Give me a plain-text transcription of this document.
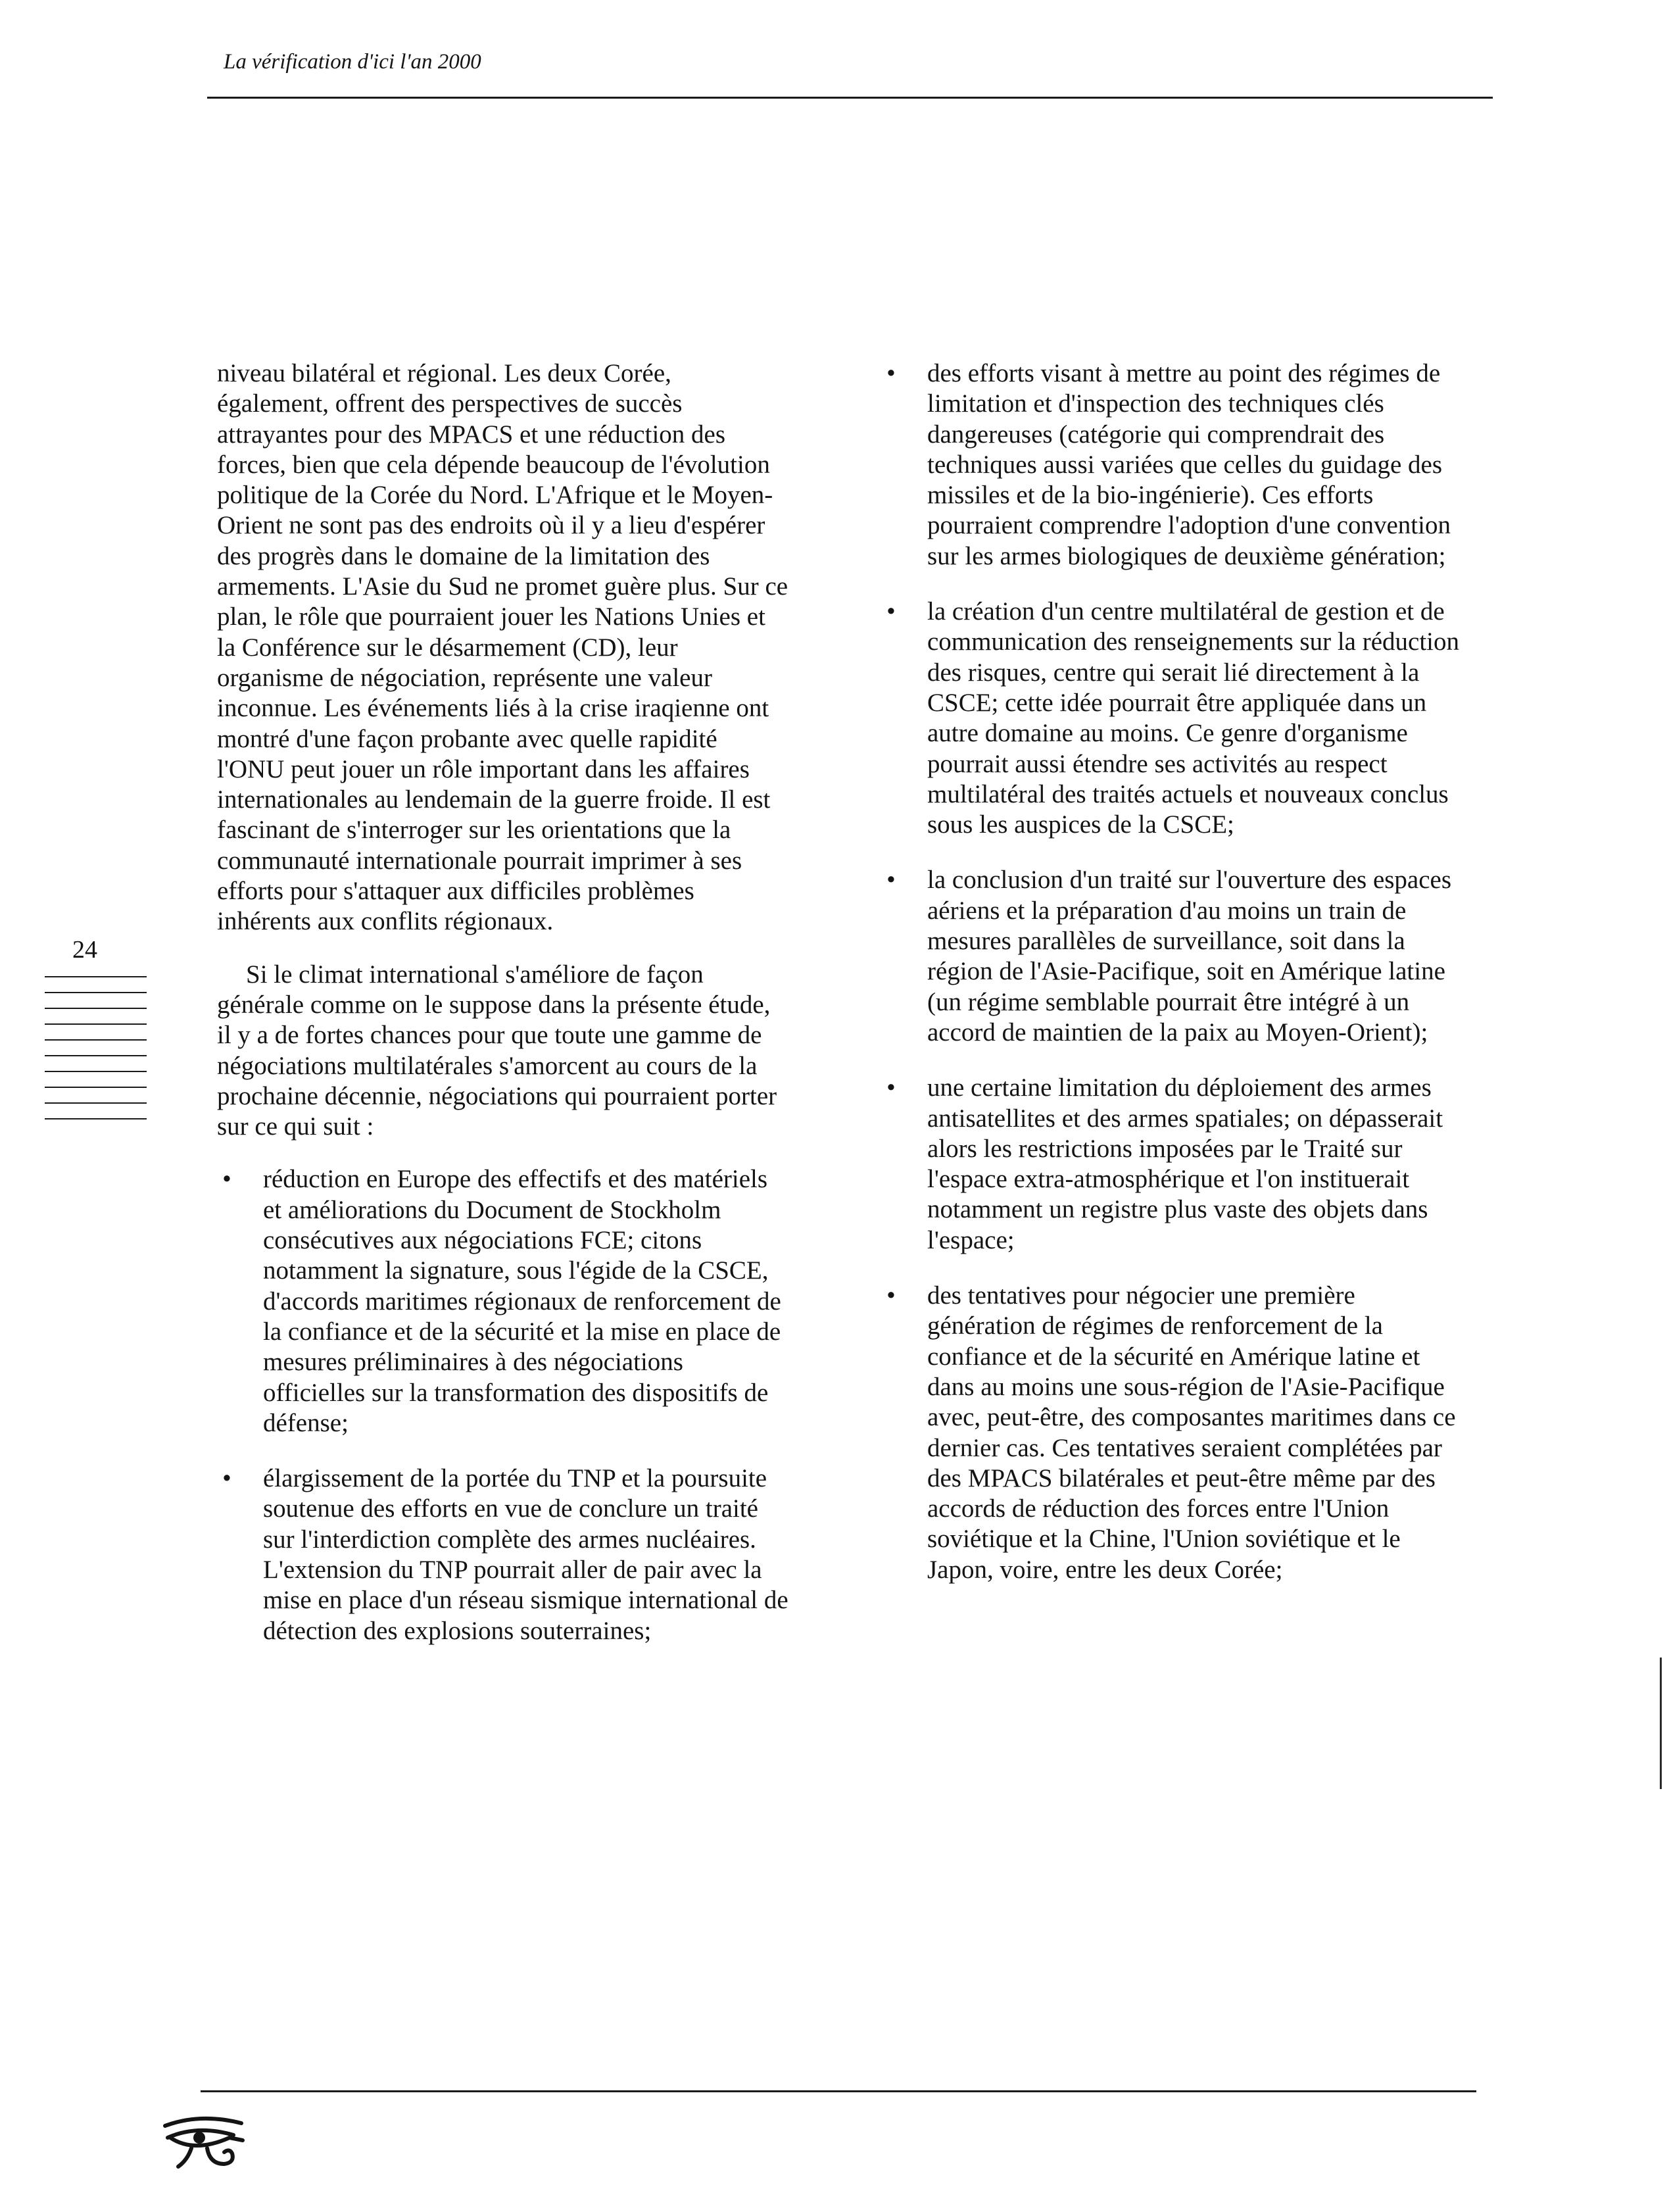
La vérification d'ici l'an 2000
24

niveau bilatéral et régional. Les deux Corée, également, offrent des perspectives de succès attrayantes pour des MPACS et une réduction des forces, bien que cela dépende beaucoup de l'évolution politique de la Corée du Nord. L'Afrique et le Moyen-Orient ne sont pas des endroits où il y a lieu d'espérer des progrès dans le domaine de la limitation des armements. L'Asie du Sud ne promet guère plus. Sur ce plan, le rôle que pourraient jouer les Nations Unies et la Conférence sur le désarmement (CD), leur organisme de négociation, représente une valeur inconnue. Les événements liés à la crise iraqienne ont montré d'une façon probante avec quelle rapidité l'ONU peut jouer un rôle important dans les affaires internationales au lendemain de la guerre froide. Il est fascinant de s'interroger sur les orientations que la communauté internationale pourrait imprimer à ses efforts pour s'attaquer aux difficiles problèmes inhérents aux conflits régionaux.

Si le climat international s'améliore de façon générale comme on le suppose dans la présente étude, il y a de fortes chances pour que toute une gamme de négociations multilatérales s'amorcent au cours de la prochaine décennie, négociations qui pourraient porter sur ce qui suit :

• réduction en Europe des effectifs et des matériels et améliorations du Document de Stockholm consécutives aux négociations FCE; citons notamment la signature, sous l'égide de la CSCE, d'accords maritimes régionaux de renforcement de la confiance et de la sécurité et la mise en place de mesures préliminaires à des négociations officielles sur la transformation des dispositifs de défense;
• élargissement de la portée du TNP et la poursuite soutenue des efforts en vue de conclure un traité sur l'interdiction complète des armes nucléaires. L'extension du TNP pourrait aller de pair avec la mise en place d'un réseau sismique international de détection des explosions souterraines;
• des efforts visant à mettre au point des régimes de limitation et d'inspection des techniques clés dangereuses (catégorie qui comprendrait des techniques aussi variées que celles du guidage des missiles et de la bio-ingénierie). Ces efforts pourraient comprendre l'adoption d'une convention sur les armes biologiques de deuxième génération;
• la création d'un centre multilatéral de gestion et de communication des renseignements sur la réduction des risques, centre qui serait lié directement à la CSCE; cette idée pourrait être appliquée dans un autre domaine au moins. Ce genre d'organisme pourrait aussi étendre ses activités au respect multilatéral des traités actuels et nouveaux conclus sous les auspices de la CSCE;
• la conclusion d'un traité sur l'ouverture des espaces aériens et la préparation d'au moins un train de mesures parallèles de surveillance, soit dans la région de l'Asie-Pacifique, soit en Amérique latine (un régime semblable pourrait être intégré à un accord de maintien de la paix au Moyen-Orient);
• une certaine limitation du déploiement des armes antisatellites et des armes spatiales; on dépasserait alors les restrictions imposées par le Traité sur l'espace extra-atmosphérique et l'on instituerait notamment un registre plus vaste des objets dans l'espace;
• des tentatives pour négocier une première génération de régimes de renforcement de la confiance et de la sécurité en Amérique latine et dans au moins une sous-région de l'Asie-Pacifique avec, peut-être, des composantes maritimes dans ce dernier cas. Ces tentatives seraient complétées par des MPACS bilatérales et peut-être même par des accords de réduction des forces entre l'Union soviétique et la Chine, l'Union soviétique et le Japon, voire, entre les deux Corée;
